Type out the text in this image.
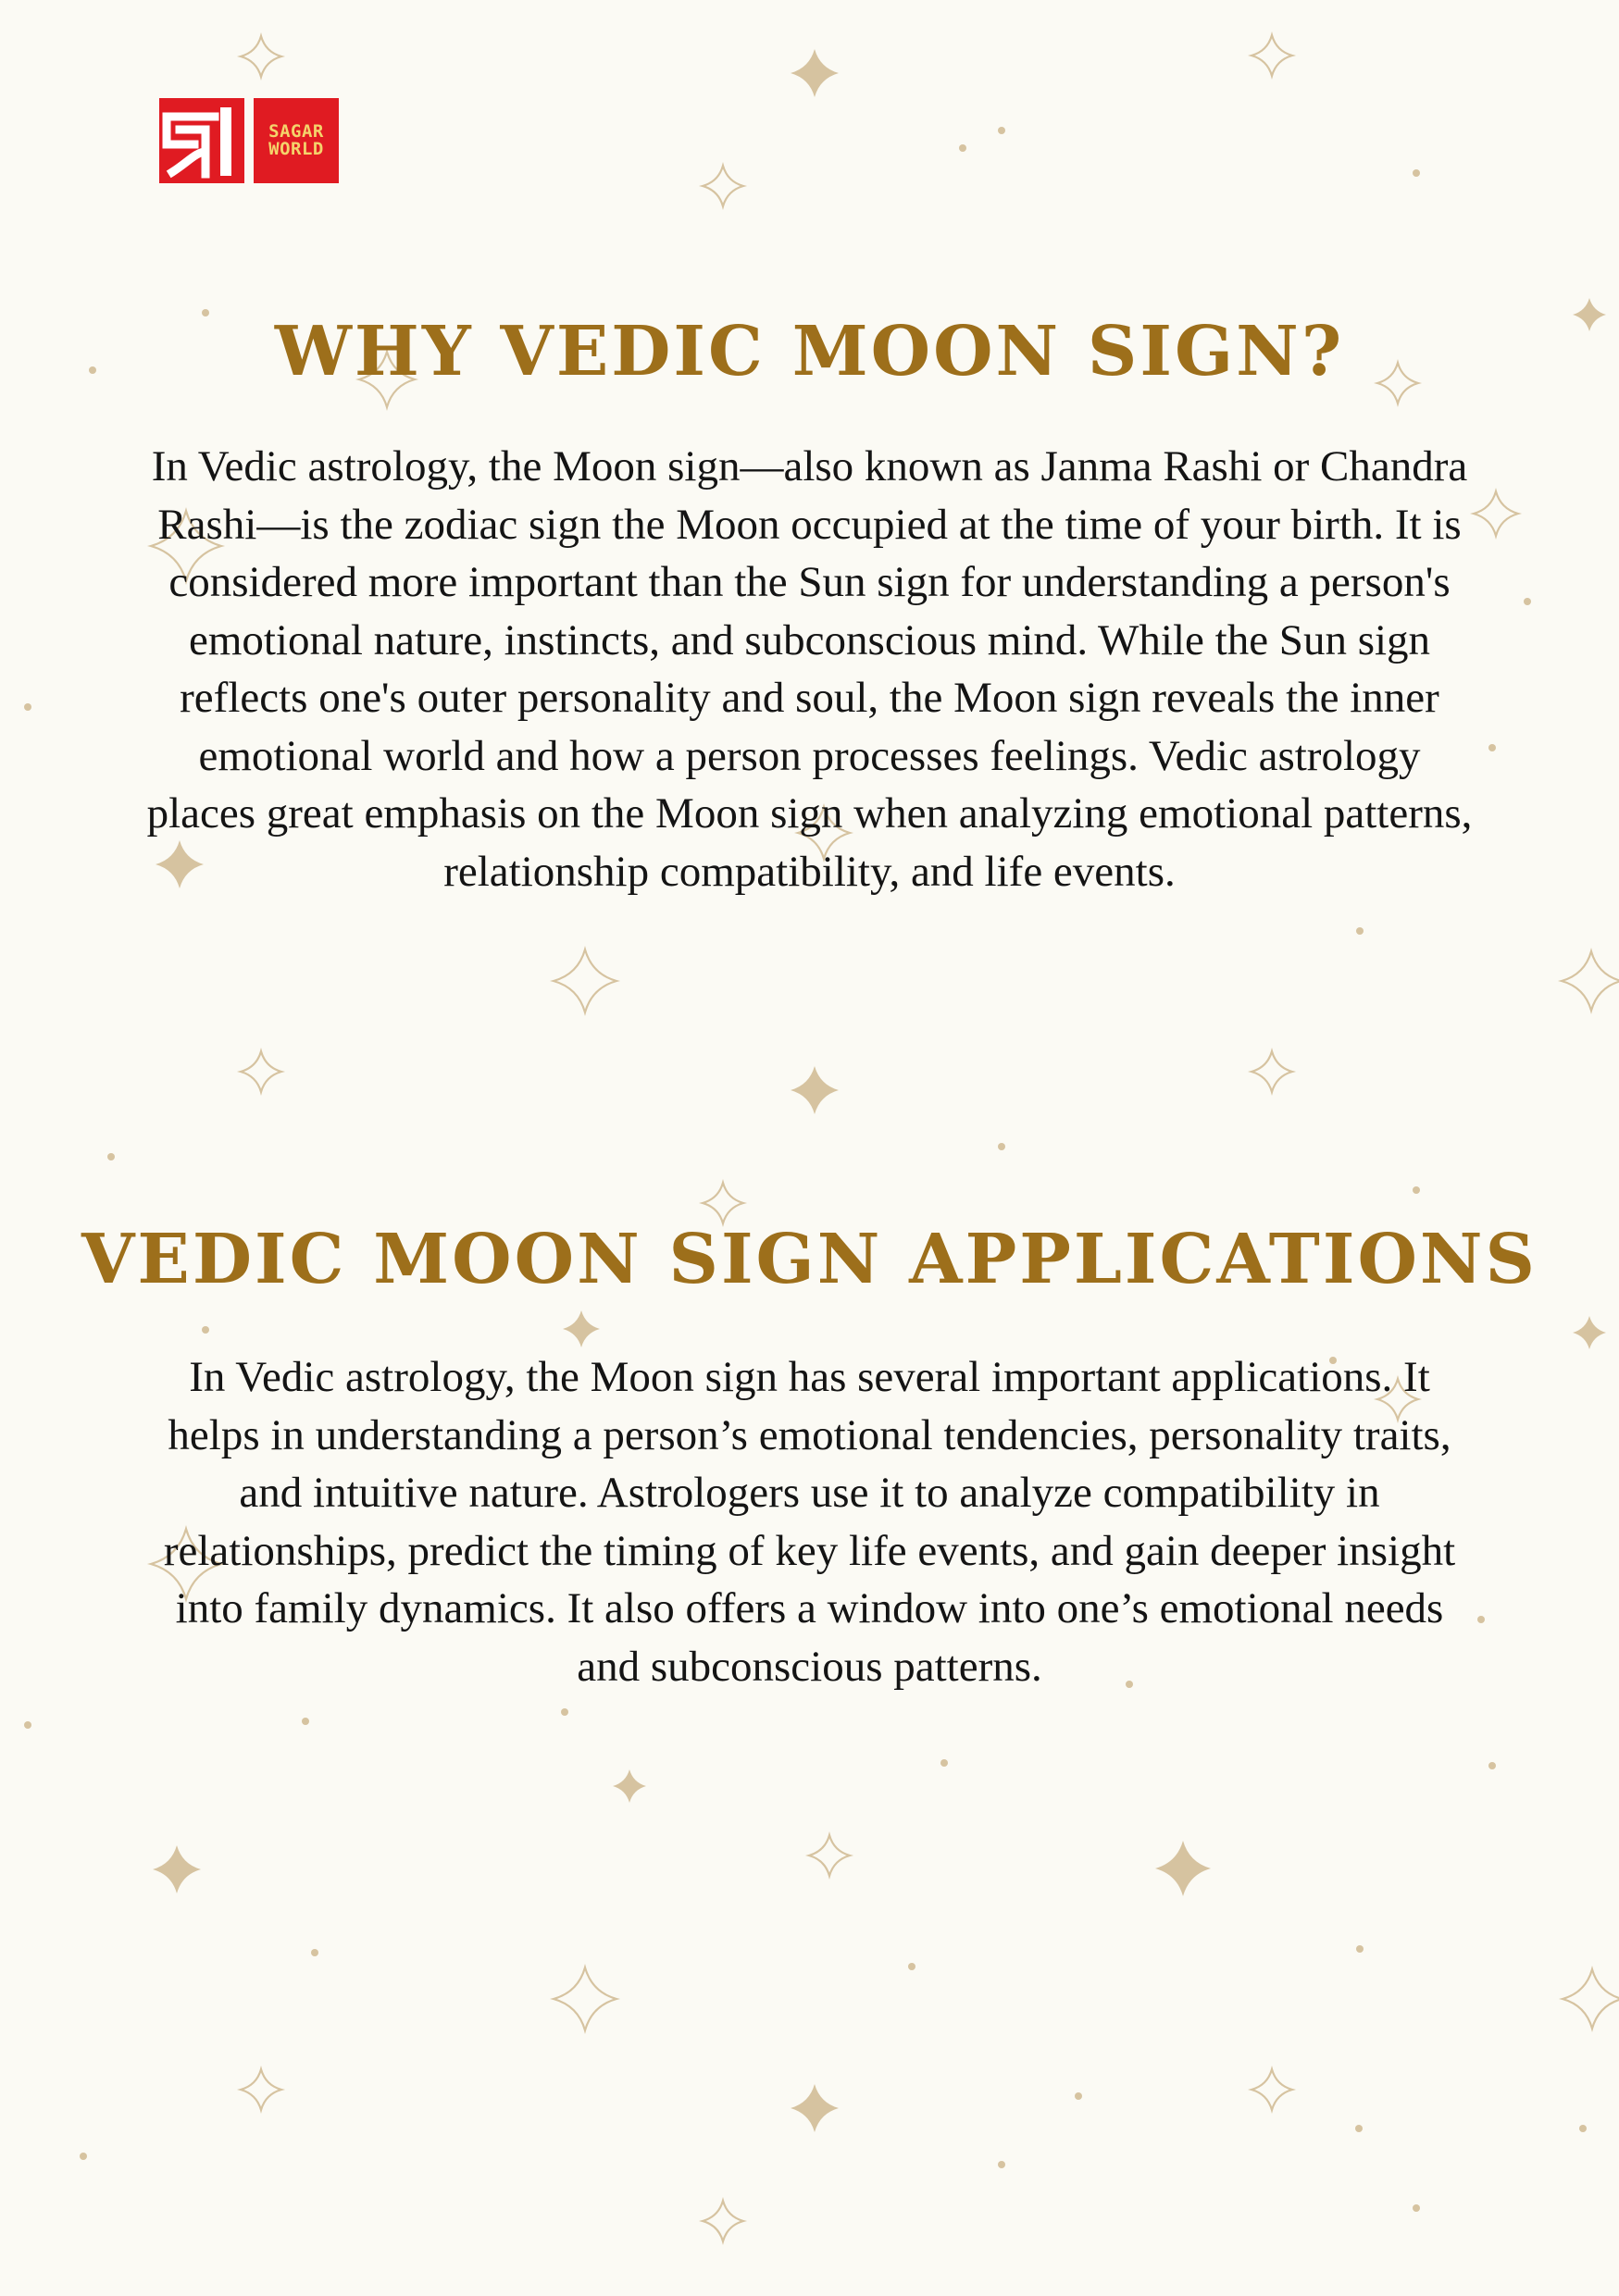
SAGAR
WORLD
WHY VEDIC MOON SIGN?

In Vedic astrology, the Moon sign—also known as Janma Rashi or Chandra Rashi—is the zodiac sign the Moon occupied at the time of your birth. It is considered more important than the Sun sign for understanding a person's emotional nature, instincts, and subconscious mind. While the Sun sign reflects one's outer personality and soul, the Moon sign reveals the inner emotional world and how a person processes feelings. Vedic astrology places great emphasis on the Moon sign when analyzing emotional patterns, relationship compatibility, and life events.

VEDIC MOON SIGN APPLICATIONS

In Vedic astrology, the Moon sign has several important applications. It helps in understanding a person’s emotional tendencies, personality traits, and intuitive nature. Astrologers use it to analyze compatibility in relationships, predict the timing of key life events, and gain deeper insight into family dynamics. It also offers a window into one’s emotional needs and subconscious patterns.
